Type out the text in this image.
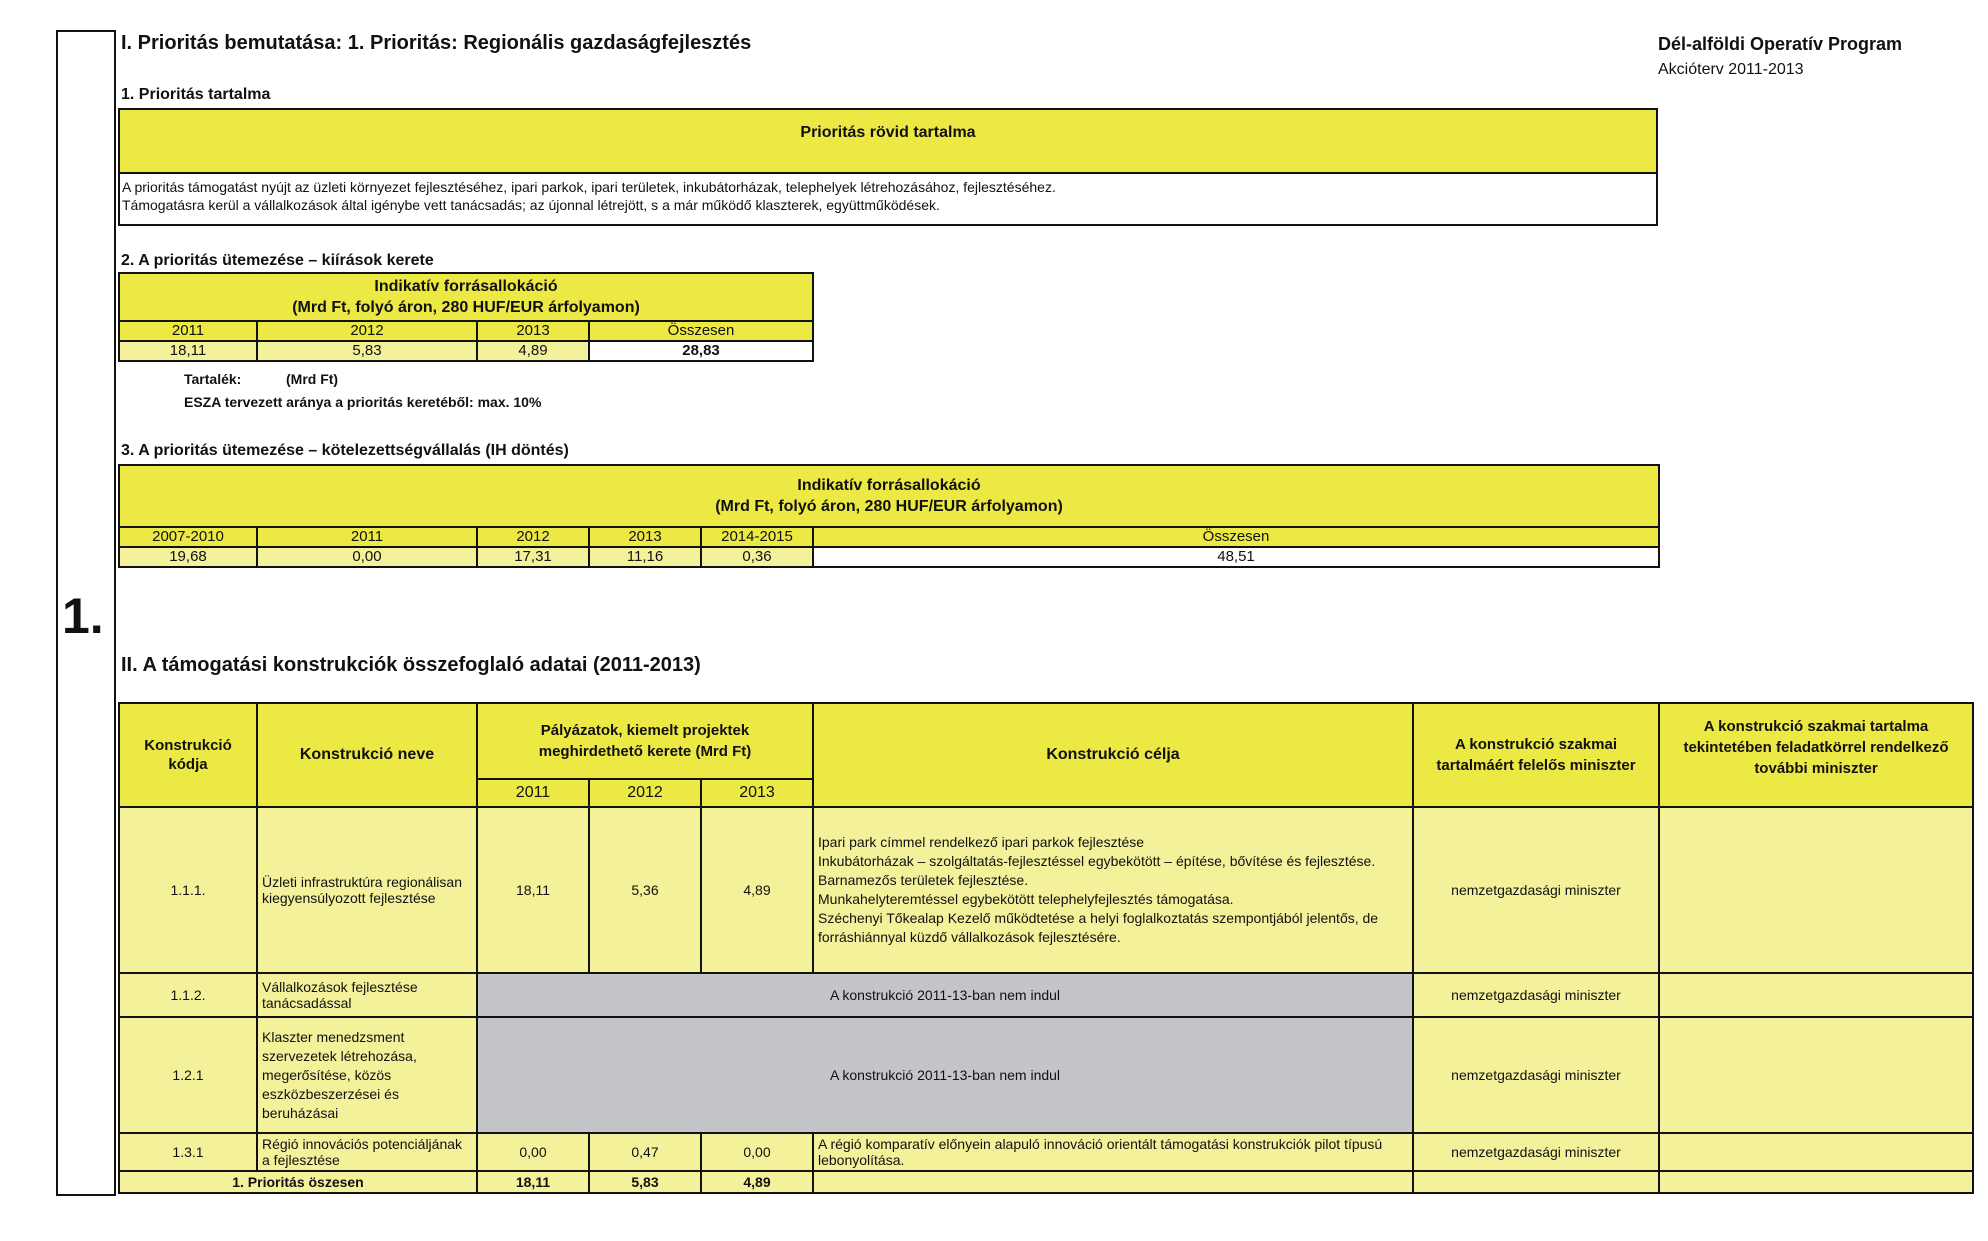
1.
I. Prioritás bemutatása: 1. Prioritás: Regionális gazdaságfejlesztés	Dél-alföldi Operatív Program
Akcióterv 2011-2013
1. Prioritás tartalma
Prioritás rövid tartalma
A prioritás támogatást nyújt az üzleti környezet fejlesztéséhez, ipari parkok, ipari területek, inkubátorházak, telephelyek létrehozásához, fejlesztéséhez.
Támogatásra kerül a vállalkozások által igénybe vett tanácsadás; az újonnal létrejött, s a már működő klaszterek, együttműködések.
2. A prioritás ütemezése – kiírások kerete
Indikatív forrásallokáció
(Mrd Ft, folyó áron, 280 HUF/EUR árfolyamon)			

2011	2012	2013	Összesen
18,11	5,83	4,89	28,83
Tartalék:	(Mrd Ft)
ESZA tervezett aránya a prioritás keretéből: max. 10%
3. A prioritás ütemezése – kötelezettségvállalás (IH döntés)
Indikatív forrásallokáció
(Mrd Ft, folyó áron, 280 HUF/EUR árfolyamon)					

2007-2010	2011	2012	2013	2014-2015	Összesen
19,68	0,00	17,31	11,16	0,36	48,51
II. A támogatási konstrukciók összefoglaló adatai (2011-2013)
Konstrukció kódja	Konstrukció neve	Pályázatok, kiemelt projektek meghirdethető kerete (Mrd Ft)			Konstrukció célja	A konstrukció szakmai tartalmáért felelős miniszter	A konstrukció szakmai tartalma tekintetében feladatkörrel rendelkező további miniszter
		2011	2012	2013			
1.1.1.	Üzleti infrastruktúra regionálisan kiegyensúlyozott fejlesztése	18,11	5,36	4,89	Ipari park címmel rendelkező ipari parkok fejlesztése
Inkubátorházak – szolgáltatás-fejlesztéssel egybekötött – építése, bővítése és fejlesztése.
Barnamezős területek fejlesztése.
Munkahelyteremtéssel egybekötött telephelyfejlesztés támogatása.
Széchenyi Tőkealap Kezelő működtetése a helyi foglalkoztatás szempontjából jelentős, de forráshiánnyal küzdő vállalkozások fejlesztésére.	nemzetgazdasági miniszter	
1.1.2.	Vállalkozások fejlesztése tanácsadással	A konstrukció 2011-13-ban nem indul				nemzetgazdasági miniszter	
1.2.1	Klaszter menedzsment szervezetek létrehozása, megerősítése, közös eszközbeszerzései és beruházásai	A konstrukció 2011-13-ban nem indul				nemzetgazdasági miniszter	
1.3.1	Régió innovációs potenciáljának a fejlesztése	0,00	0,47	0,00	A régió komparatív előnyein alapuló innováció orientált támogatási konstrukciók pilot típusú lebonyolítása.	nemzetgazdasági miniszter	
1. Prioritás öszesen		18,11	5,83	4,89			
